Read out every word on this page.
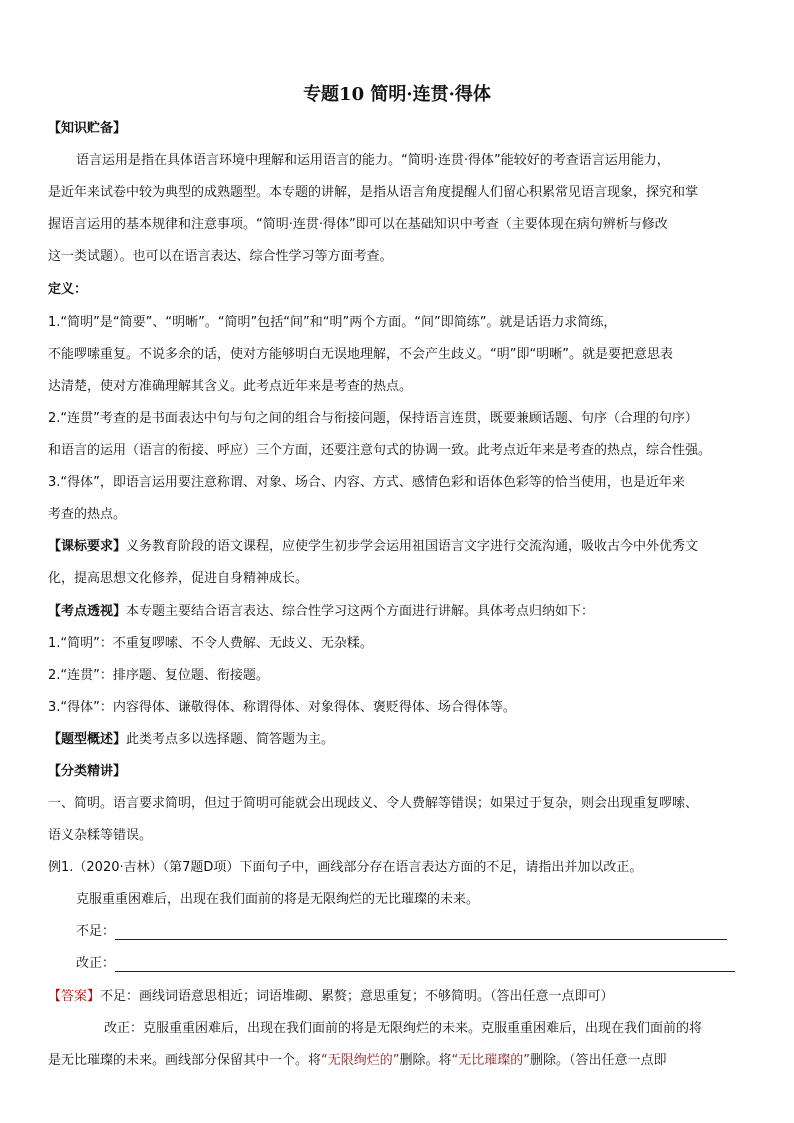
专题10 简明·连贯·得体
【知识贮备】
语言运用是指在具体语言环境中理解和运用语言的能力。“简明·连贯·得体”能较好的考查语言运用能力，
是近年来试卷中较为典型的成熟题型。本专题的讲解，是指从语言角度提醒人们留心积累常见语言现象，探究和掌
握语言运用的基本规律和注意事项。“简明·连贯·得体”即可以在基础知识中考查（主要体现在病句辨析与修改
这一类试题）。也可以在语言表达、综合性学习等方面考查。
定义：
1.“简明”是“简要”、“明晰”。“简明”包括“间”和“明”两个方面。“间”即简练”。就是话语力求简练，
不能啰嗦重复。不说多余的话，使对方能够明白无误地理解，不会产生歧义。“明”即“明晰”。就是要把意思表
达清楚，使对方准确理解其含义。此考点近年来是考查的热点。
2.“连贯”考查的是书面表达中句与句之间的组合与衔接问题，保持语言连贯，既要兼顾话题、句序（合理的句序）
和语言的运用（语言的衔接、呼应）三个方面，还要注意句式的协调一致。此考点近年来是考查的热点，综合性强。
3.“得体”，即语言运用要注意称谓、对象、场合、内容、方式、感情色彩和语体色彩等的恰当使用，也是近年来
考查的热点。
【课标要求】义务教育阶段的语文课程，应使学生初步学会运用祖国语言文字进行交流沟通，吸收古今中外优秀文
化，提高思想文化修养，促进自身精神成长。
【考点透视】本专题主要结合语言表达、综合性学习这两个方面进行讲解。具体考点归纳如下：
1.“简明”：不重复啰嗦、不令人费解、无歧义、无杂糅。
2.“连贯”：排序题、复位题、衔接题。
3.“得体”：内容得体、谦敬得体、称谓得体、对象得体、褒贬得体、场合得体等。
【题型概述】此类考点多以选择题、简答题为主。
【分类精讲】
一、简明。语言要求简明，但过于简明可能就会出现歧义、令人费解等错误；如果过于复杂，则会出现重复啰嗦、
语义杂糅等错误。
例1.（2020·吉林）（第7题D项）下面句子中，画线部分存在语言表达方面的不足，请指出并加以改正。
克服重重困难后，出现在我们面前的将是无限绚烂的无比璀璨的未来。
不足：
改正：
【答案】不足：画线词语意思相近；词语堆砌、累赘；意思重复；不够简明。（答出任意一点即可）
改正：克服重重困难后，出现在我们面前的将是无限绚烂的未来。克服重重困难后，出现在我们面前的将
是无比璀璨的未来。画线部分保留其中一个。将“无限绚烂的”删除。将“无比璀璨的”删除。（答出任意一点即
